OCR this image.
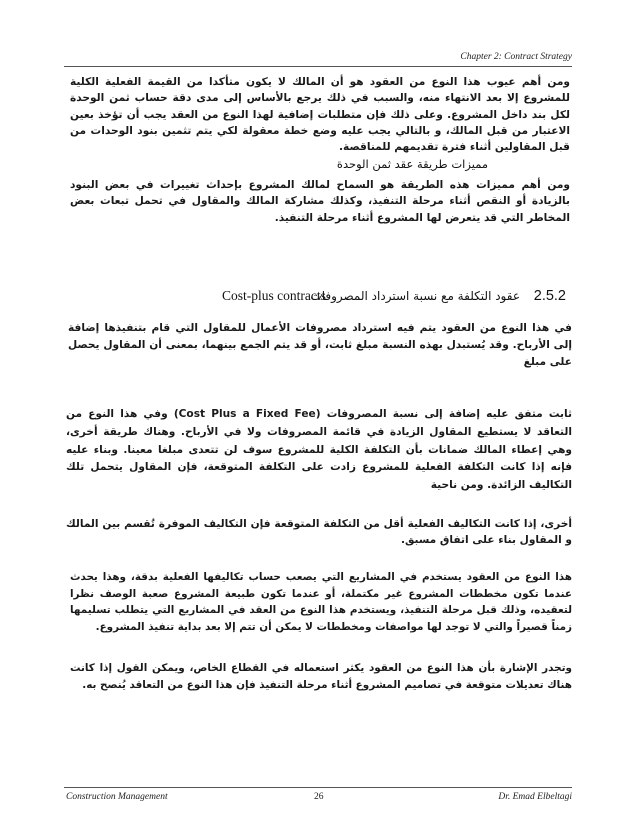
Chapter 2: Contract Strategy

ومن أهم عيوب هذا النوع من العقود هو أن المالك لا يكون متأكدا من القيمة الفعلية الكلية للمشروع إلا بعد الانتهاء منه، والسبب في ذلك يرجع بالأساس إلى مدى دقة حساب ثمن الوحدة لكل بند داخل المشروع. وعلى ذلك فإن متطلبات إضافية لهذا النوع من العقد يجب أن تؤخذ بعين الاعتبار من قبل المالك، و بالتالي يجب عليه وضع خطة معقولة لكي يتم تثمين بنود الوحدات من قبل المقاولين أثناء فترة تقديمهم للمناقصة.

مميزات طريقة عقد ثمن الوحدة

ومن أهم مميزات هذه الطريقة هو السماح لمالك المشروع بإحداث تغييرات في بعض البنود بالزيادة أو النقص أثناء مرحلة التنفيذ، وكذلك مشاركة المالك والمقاول في تحمل تبعات بعض المخاطر التي قد يتعرض لها المشروع أثناء مرحلة التنفيذ.

2.5.2
عقود التكلفة مع نسبة استرداد المصروفات
Cost-plus contracts

في هذا النوع من العقود يتم فيه استرداد مصروفات الأعمال للمقاول التي قام بتنفيذها إضافة إلى الأرباح. وقد يُستبدل بهذه النسبة مبلغ ثابت، أو قد يتم الجمع بينهما، بمعنى أن المقاول يحصل على مبلغ

ثابت متفق عليه إضافة إلى نسبة المصروفات (Cost Plus a Fixed Fee) وفي هذا النوع من التعاقد لا يستطيع المقاول الزيادة في قائمة المصروفات ولا في الأرباح. وهناك طريقة أخرى، وهي إعطاء المالك ضمانات بأن التكلفة الكلية للمشروع سوف لن تتعدى مبلغا معينا. وبناء عليه فإنه إذا كانت التكلفة الفعلية للمشروع زادت على التكلفة المتوقعة، فإن المقاول يتحمل تلك التكاليف الزائدة. ومن ناحية

أخرى، إذا كانت التكاليف الفعلية أقل من التكلفة المتوقعة فإن التكاليف الموفرة تُقسم بين المالك و المقاول بناء على اتفاق مسبق.

هذا النوع من العقود يستخدم في المشاريع التي يصعب حساب تكاليفها الفعلية بدقة، وهذا يحدث عندما تكون مخططات المشروع غير مكتملة، أو عندما تكون طبيعة المشروع صعبة الوصف نظرا لتعقيده، وذلك قبل مرحلة التنفيذ، ويستخدم هذا النوع من العقد في المشاريع التي يتطلب تسليمها زمناً قصيراً والتي لا توجد لها مواصفات ومخططات لا يمكن أن تتم إلا بعد بداية تنفيذ المشروع.

وتجدر الإشارة بأن هذا النوع من العقود يكثر استعماله في القطاع الخاص، ويمكن القول إذا كانت هناك تعديلات متوقعة في تصاميم المشروع أثناء مرحلة التنفيذ فإن هذا النوع من التعاقد يُنصح به.

Construction Management	26	Dr. Emad Elbeltagi
